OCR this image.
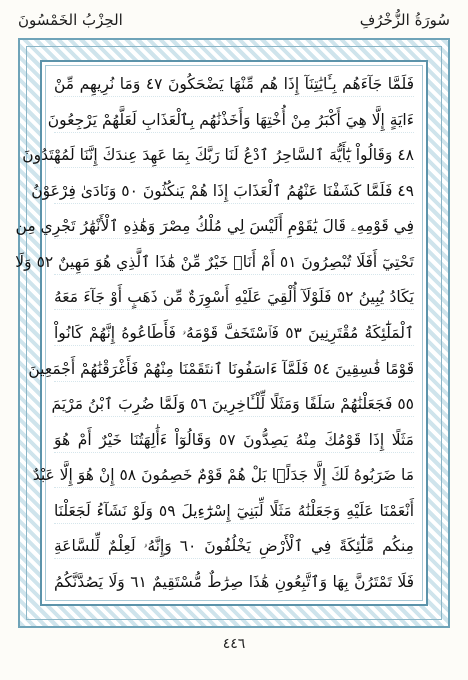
سُورَةُ الزُّخْرُفِ
الحِزْبُ الخَمْسُونَ
فَلَمَّا جَآءَهُم بِـَٔايَٰتِنَآ إِذَا هُم مِّنْهَا يَضْحَكُونَ ٤٧ وَمَا نُرِيهِم مِّنْ
ءَايَةٍ إِلَّا هِيَ أَكْبَرُ مِنْ أُخْتِهَا وَأَخَذْنَٰهُم بِٱلْعَذَابِ لَعَلَّهُمْ يَرْجِعُونَ
٤٨ وَقَالُواْ يَٰٓأَيُّهَ ٱلسَّاحِرُ ٱدْعُ لَنَا رَبَّكَ بِمَا عَهِدَ عِندَكَ إِنَّنَا لَمُهْتَدُونَ
٤٩ فَلَمَّا كَشَفْنَا عَنْهُمُ ٱلْعَذَابَ إِذَا هُمْ يَنكُثُونَ ٥٠ وَنَادَىٰ فِرْعَوْنُ
فِي قَوْمِهِۦ قَالَ يَٰقَوْمِ أَلَيْسَ لِي مُلْكُ مِصْرَ وَهَٰذِهِ ٱلْأَنْهَٰرُ تَجْرِي مِن
تَحْتِيٓ أَفَلَا تُبْصِرُونَ ٥١ أَمْ أَنَا۠ خَيْرٌ مِّنْ هَٰذَا ٱلَّذِي هُوَ مَهِينٌ ٥٢ وَلَا
يَكَادُ يُبِينُ ٥٢ فَلَوْلَآ أُلْقِيَ عَلَيْهِ أَسْوِرَةٌ مِّن ذَهَبٍ أَوْ جَآءَ مَعَهُ
ٱلْمَلَٰٓئِكَةُ مُقْتَرِنِينَ ٥٣ فَٱسْتَخَفَّ قَوْمَهُۥ فَأَطَاعُوهُ إِنَّهُمْ كَانُواْ
قَوْمًا فَٰسِقِينَ ٥٤ فَلَمَّآ ءَاسَفُونَا ٱنتَقَمْنَا مِنْهُمْ فَأَغْرَقْنَٰهُمْ أَجْمَعِينَ
٥٥ فَجَعَلْنَٰهُمْ سَلَفًا وَمَثَلًا لِّلْـَٔاخِرِينَ ٥٦ وَلَمَّا ضُرِبَ ٱبْنُ مَرْيَمَ
مَثَلًا إِذَا قَوْمُكَ مِنْهُ يَصِدُّونَ ٥٧ وَقَالُوٓاْ ءَأَٰلِهَتُنَا خَيْرٌ أَمْ هُوَ
مَا ضَرَبُوهُ لَكَ إِلَّا جَدَلًۢا بَلْ هُمْ قَوْمٌ خَصِمُونَ ٥٨ إِنْ هُوَ إِلَّا عَبْدٌ
أَنْعَمْنَا عَلَيْهِ وَجَعَلْنَٰهُ مَثَلًا لِّبَنِيٓ إِسْرَٰٓءِيلَ ٥٩ وَلَوْ نَشَآءُ لَجَعَلْنَا
مِنكُم مَّلَٰٓئِكَةً فِي ٱلْأَرْضِ يَخْلُفُونَ ٦٠ وَإِنَّهُۥ لَعِلْمٌ لِّلسَّاعَةِ
فَلَا تَمْتَرُنَّ بِهَا وَٱتَّبِعُونِ هَٰذَا صِرَٰطٌ مُّسْتَقِيمٌ ٦١ وَلَا يَصُدَّنَّكُمُ
٤٤٦
